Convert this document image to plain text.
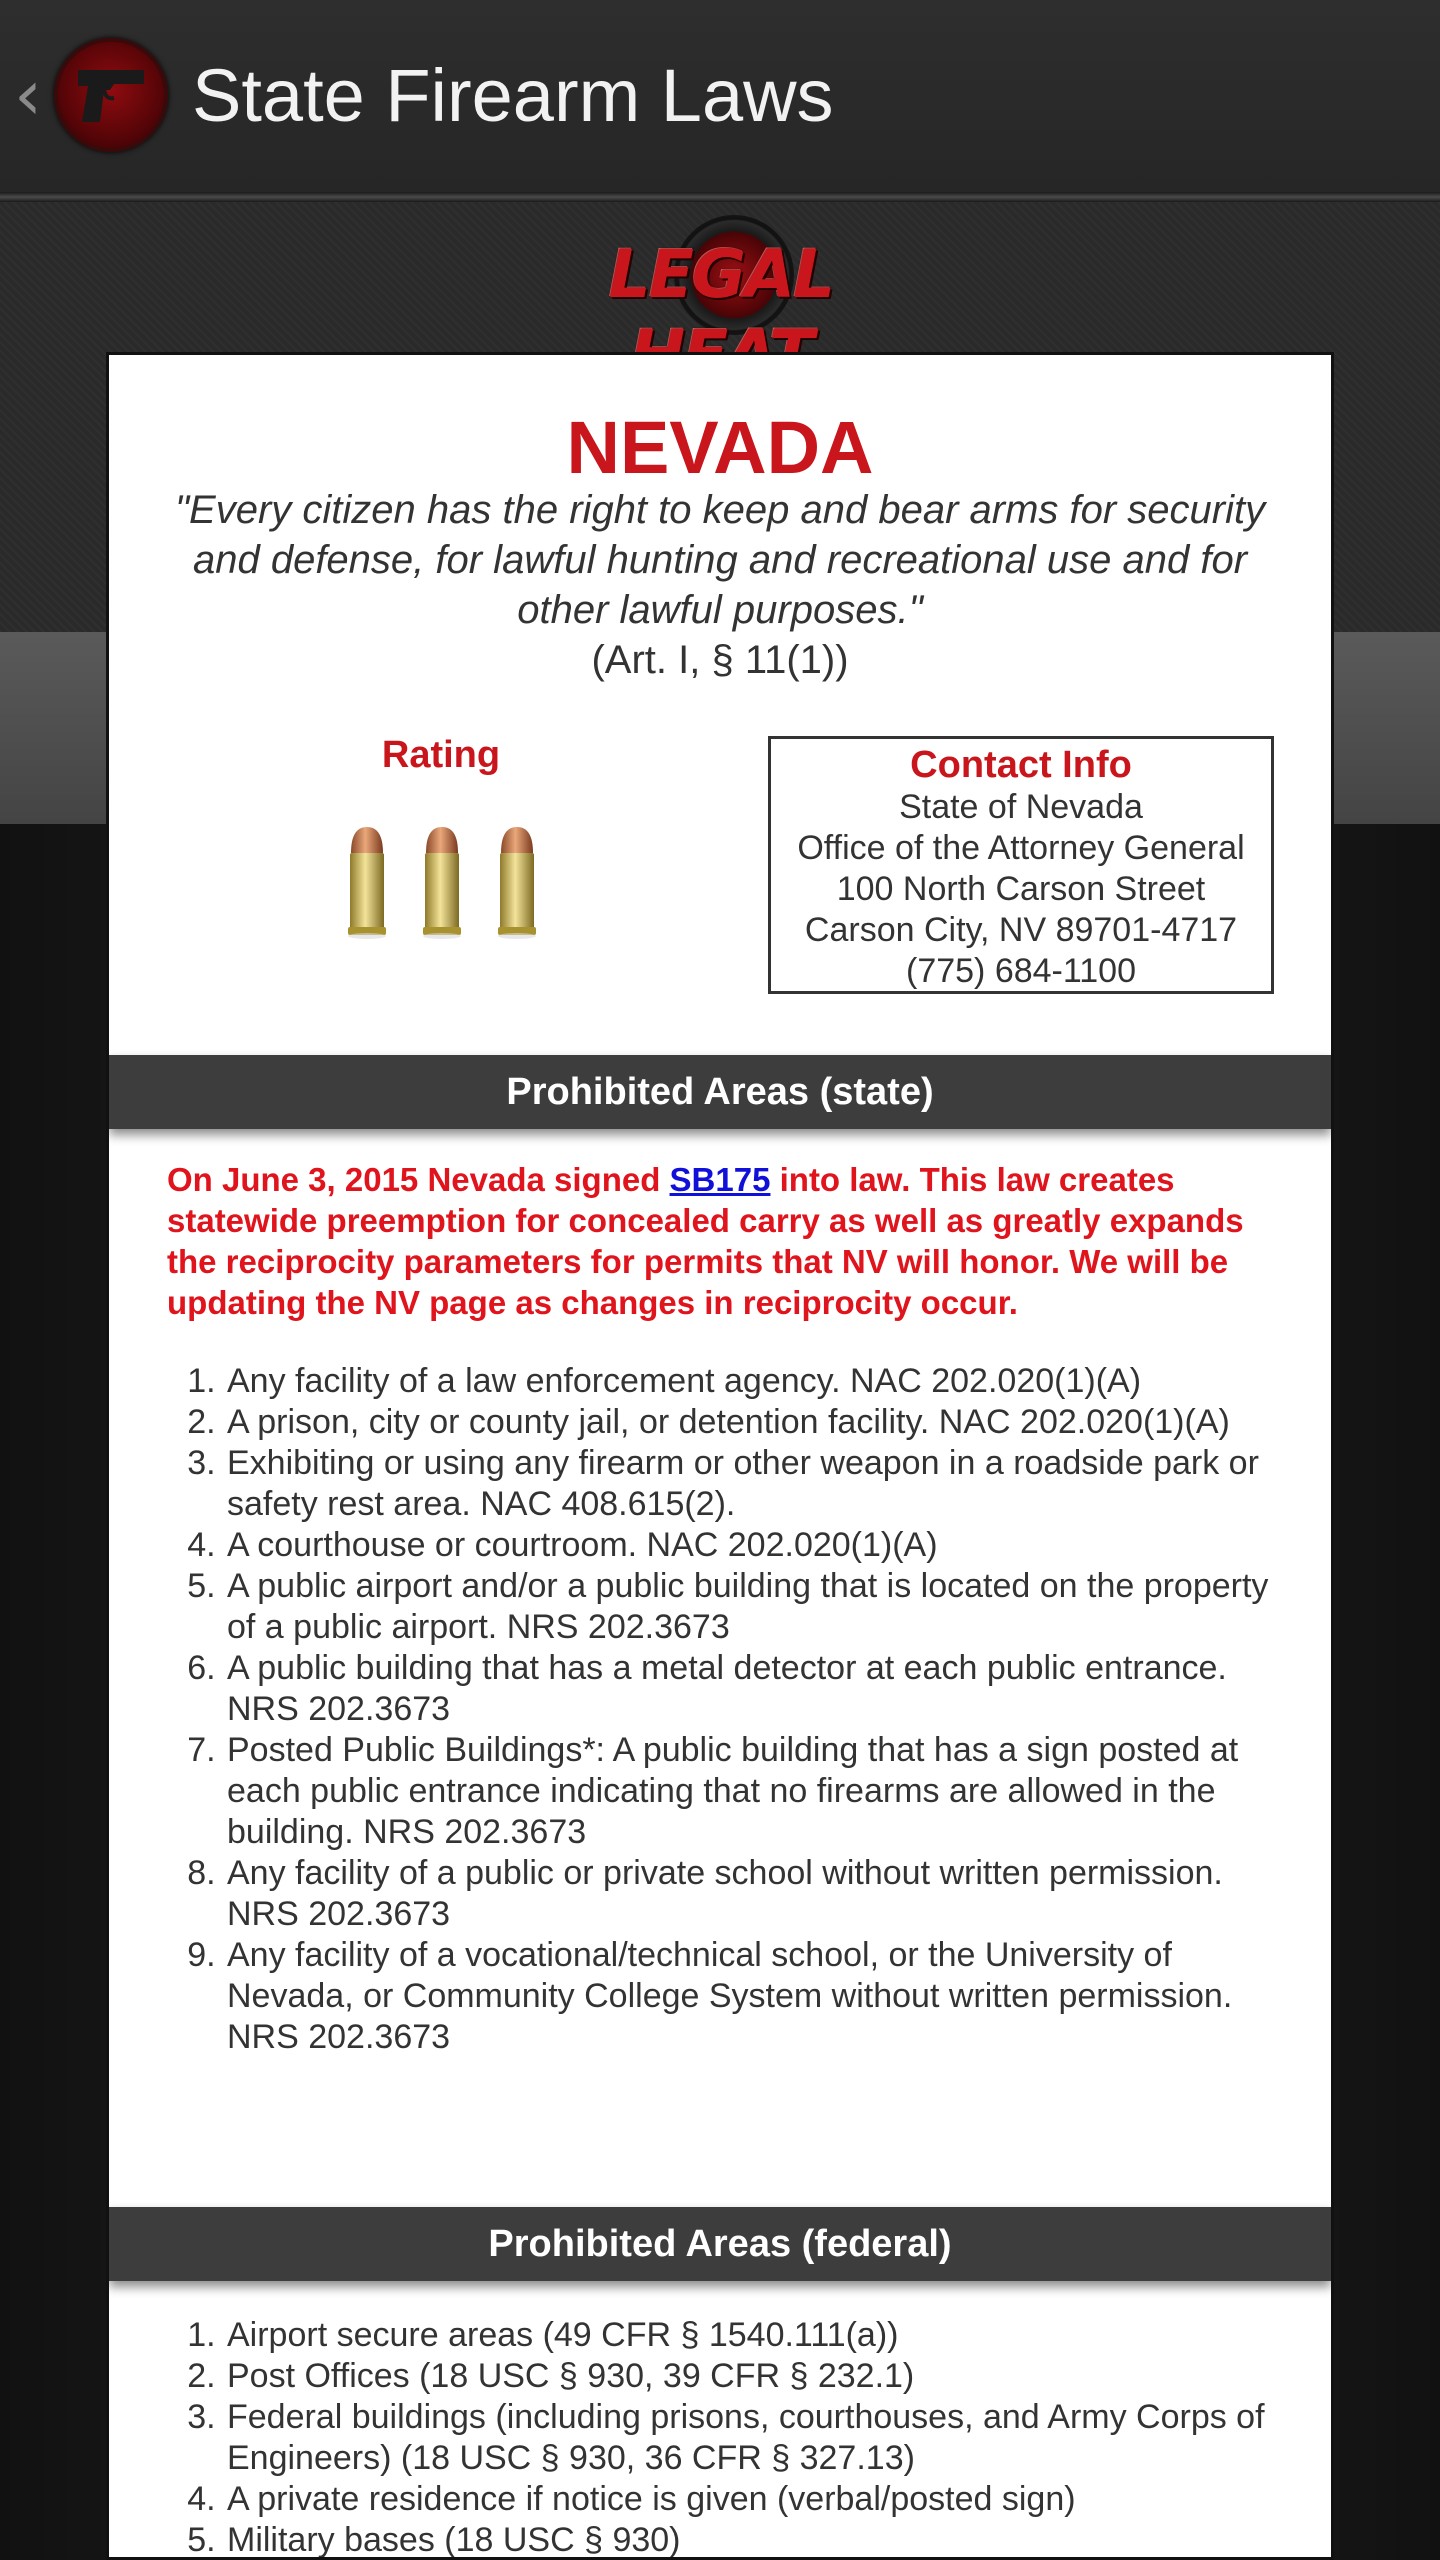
‹ State Firearm Laws
LEGAL
NEVADA
"Every citizen has the right to keep and bear arms for security and defense, for lawful hunting and recreational use and for other lawful purposes."
(Art. I, § 11(1))
Rating	Contact Info
State of Nevada
Office of the Attorney General
100 North Carson Street
Carson City, NV 89701-4717
(775) 684-1100
Prohibited Areas (state)
On June 3, 2015 Nevada signed SB175 into law. This law creates statewide preemption for concealed carry as well as greatly expands the reciprocity parameters for permits that NV will honor. We will be updating the NV page as changes in reciprocity occur.
1. Any facility of a law enforcement agency. NAC 202.020(1)(A)
2. A prison, city or county jail, or detention facility. NAC 202.020(1)(A)
3. Exhibiting or using any firearm or other weapon in a roadside park or safety rest area. NAC 408.615(2).
4. A courthouse or courtroom. NAC 202.020(1)(A)
5. A public airport and/or a public building that is located on the property of a public airport. NRS 202.3673
6. A public building that has a metal detector at each public entrance. NRS 202.3673
7. Posted Public Buildings*: A public building that has a sign posted at each public entrance indicating that no firearms are allowed in the building. NRS 202.3673
8. Any facility of a public or private school without written permission. NRS 202.3673
9. Any facility of a vocational/technical school, or the University of Nevada, or Community College System without written permission. NRS 202.3673
Prohibited Areas (federal)
1. Airport secure areas (49 CFR § 1540.111(a))
2. Post Offices (18 USC § 930, 39 CFR § 232.1)
3. Federal buildings (including prisons, courthouses, and Army Corps of Engineers) (18 USC § 930, 36 CFR § 327.13)
4. A private residence if notice is given (verbal/posted sign)
5. Military bases (18 USC § 930)
